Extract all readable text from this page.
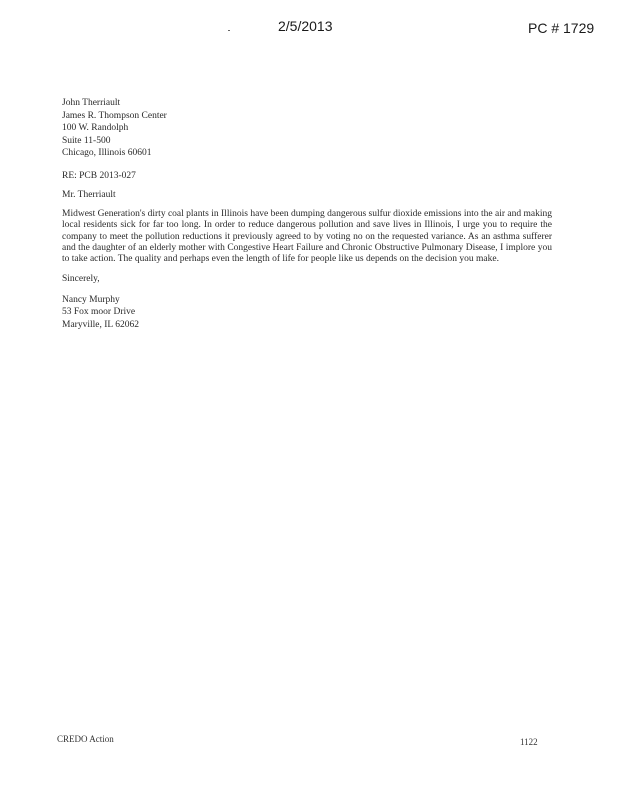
2/5/2013	PC # 1729
John Therriault
James R. Thompson Center
100 W. Randolph
Suite 11-500
Chicago, Illinois 60601
RE: PCB 2013-027
Mr. Therriault
Midwest Generation's dirty coal plants in Illinois have been dumping dangerous sulfur dioxide emissions into the air and making local residents sick for far too long. In order to reduce dangerous pollution and save lives in Illinois, I urge you to require the company to meet the pollution reductions it previously agreed to by voting no on the requested variance. As an asthma sufferer and the daughter of an elderly mother with Congestive Heart Failure and Chronic Obstructive Pulmonary Disease, I implore you to take action. The quality and perhaps even the length of life for people like us depends on the decision you make.
Sincerely,
Nancy Murphy
53 Fox moor Drive
Maryville, IL 62062
CREDO Action	1122
